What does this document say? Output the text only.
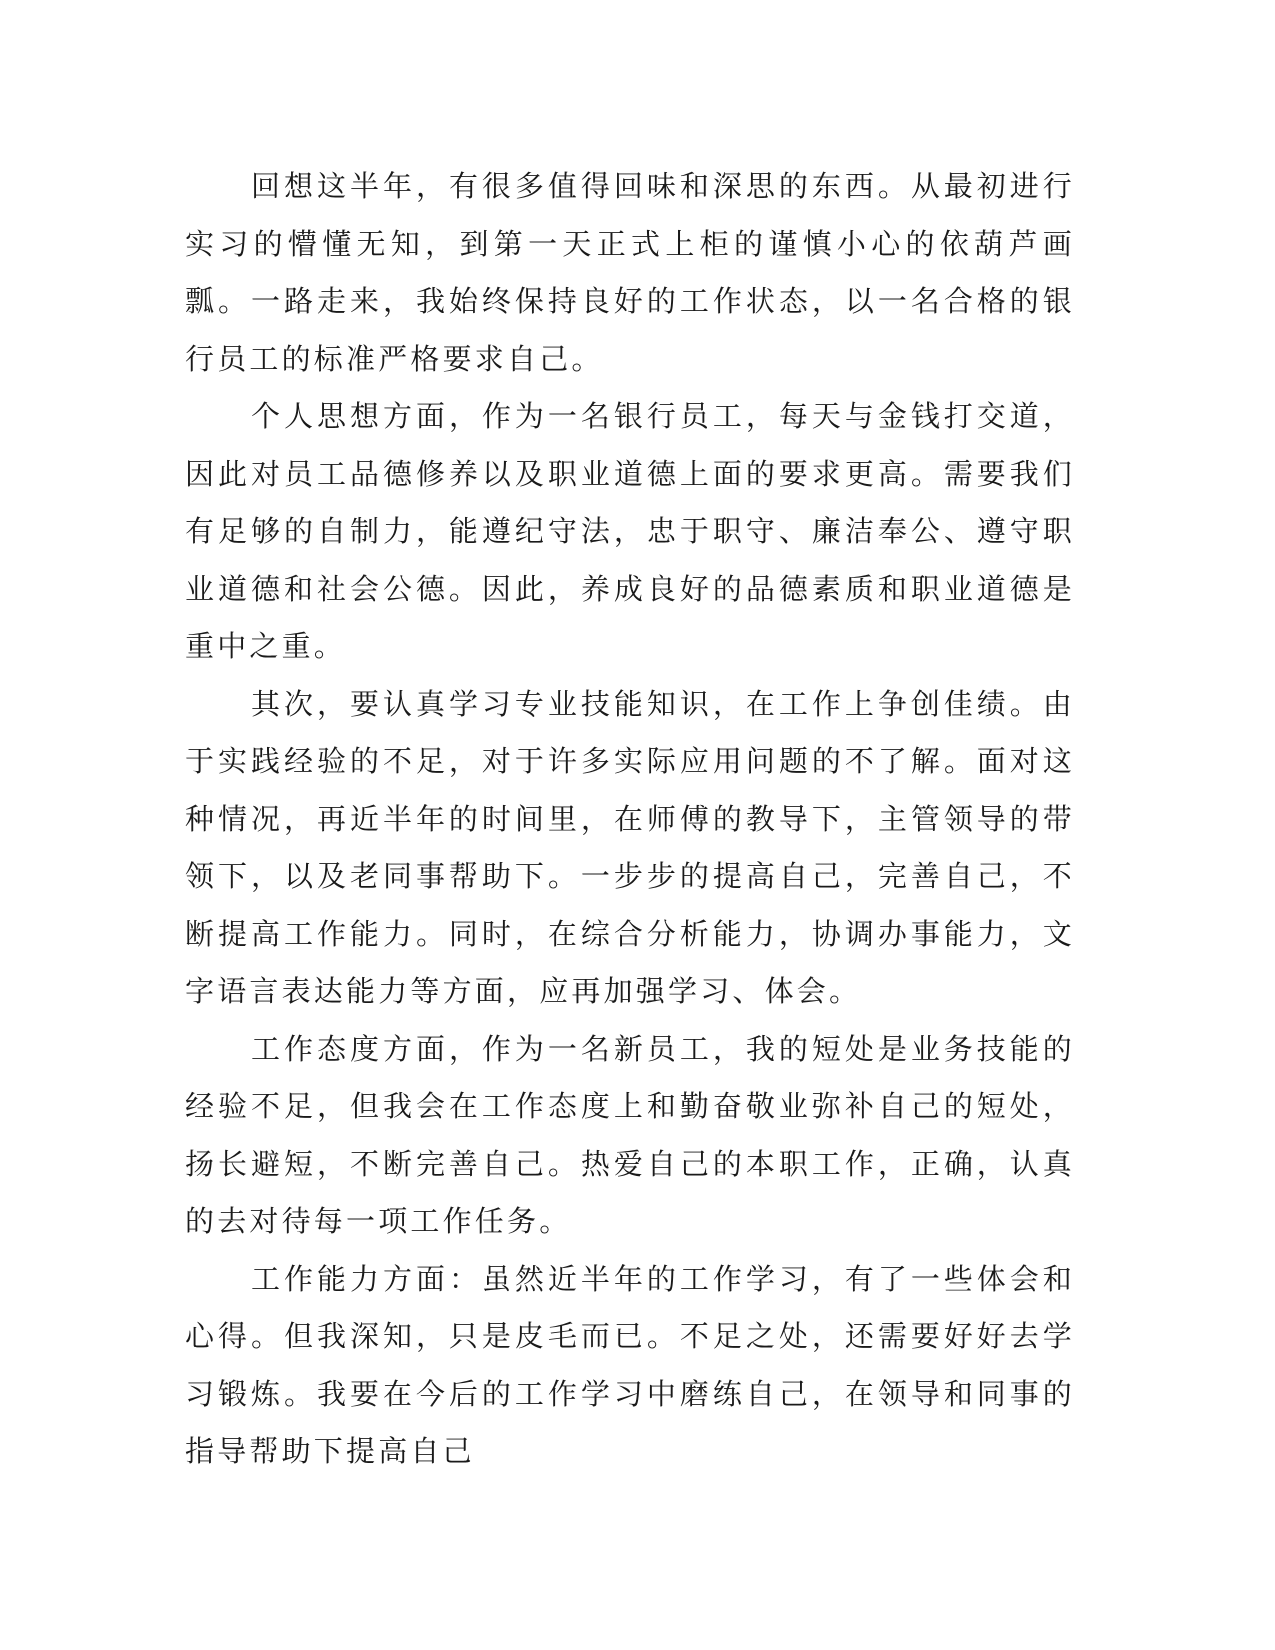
回想这半年，有很多值得回味和深思的东西。从最初进行实习的懵懂无知，到第一天正式上柜的谨慎小心的依葫芦画瓢。一路走来，我始终保持良好的工作状态，以一名合格的银行员工的标准严格要求自己。

个人思想方面，作为一名银行员工，每天与金钱打交道，因此对员工品德修养以及职业道德上面的要求更高。需要我们有足够的自制力，能遵纪守法，忠于职守、廉洁奉公、遵守职业道德和社会公德。因此，养成良好的品德素质和职业道德是重中之重。

其次，要认真学习专业技能知识，在工作上争创佳绩。由于实践经验的不足，对于许多实际应用问题的不了解。面对这种情况，再近半年的时间里，在师傅的教导下，主管领导的带领下，以及老同事帮助下。一步步的提高自己，完善自己，不断提高工作能力。同时，在综合分析能力，协调办事能力，文字语言表达能力等方面，应再加强学习、体会。

工作态度方面，作为一名新员工，我的短处是业务技能的经验不足，但我会在工作态度上和勤奋敬业弥补自己的短处，扬长避短，不断完善自己。热爱自己的本职工作，正确，认真的去对待每一项工作任务。

工作能力方面：虽然近半年的工作学习，有了一些体会和心得。但我深知，只是皮毛而已。不足之处，还需要好好去学习锻炼。我要在今后的工作学习中磨练自己，在领导和同事的指导帮助下提高自己
